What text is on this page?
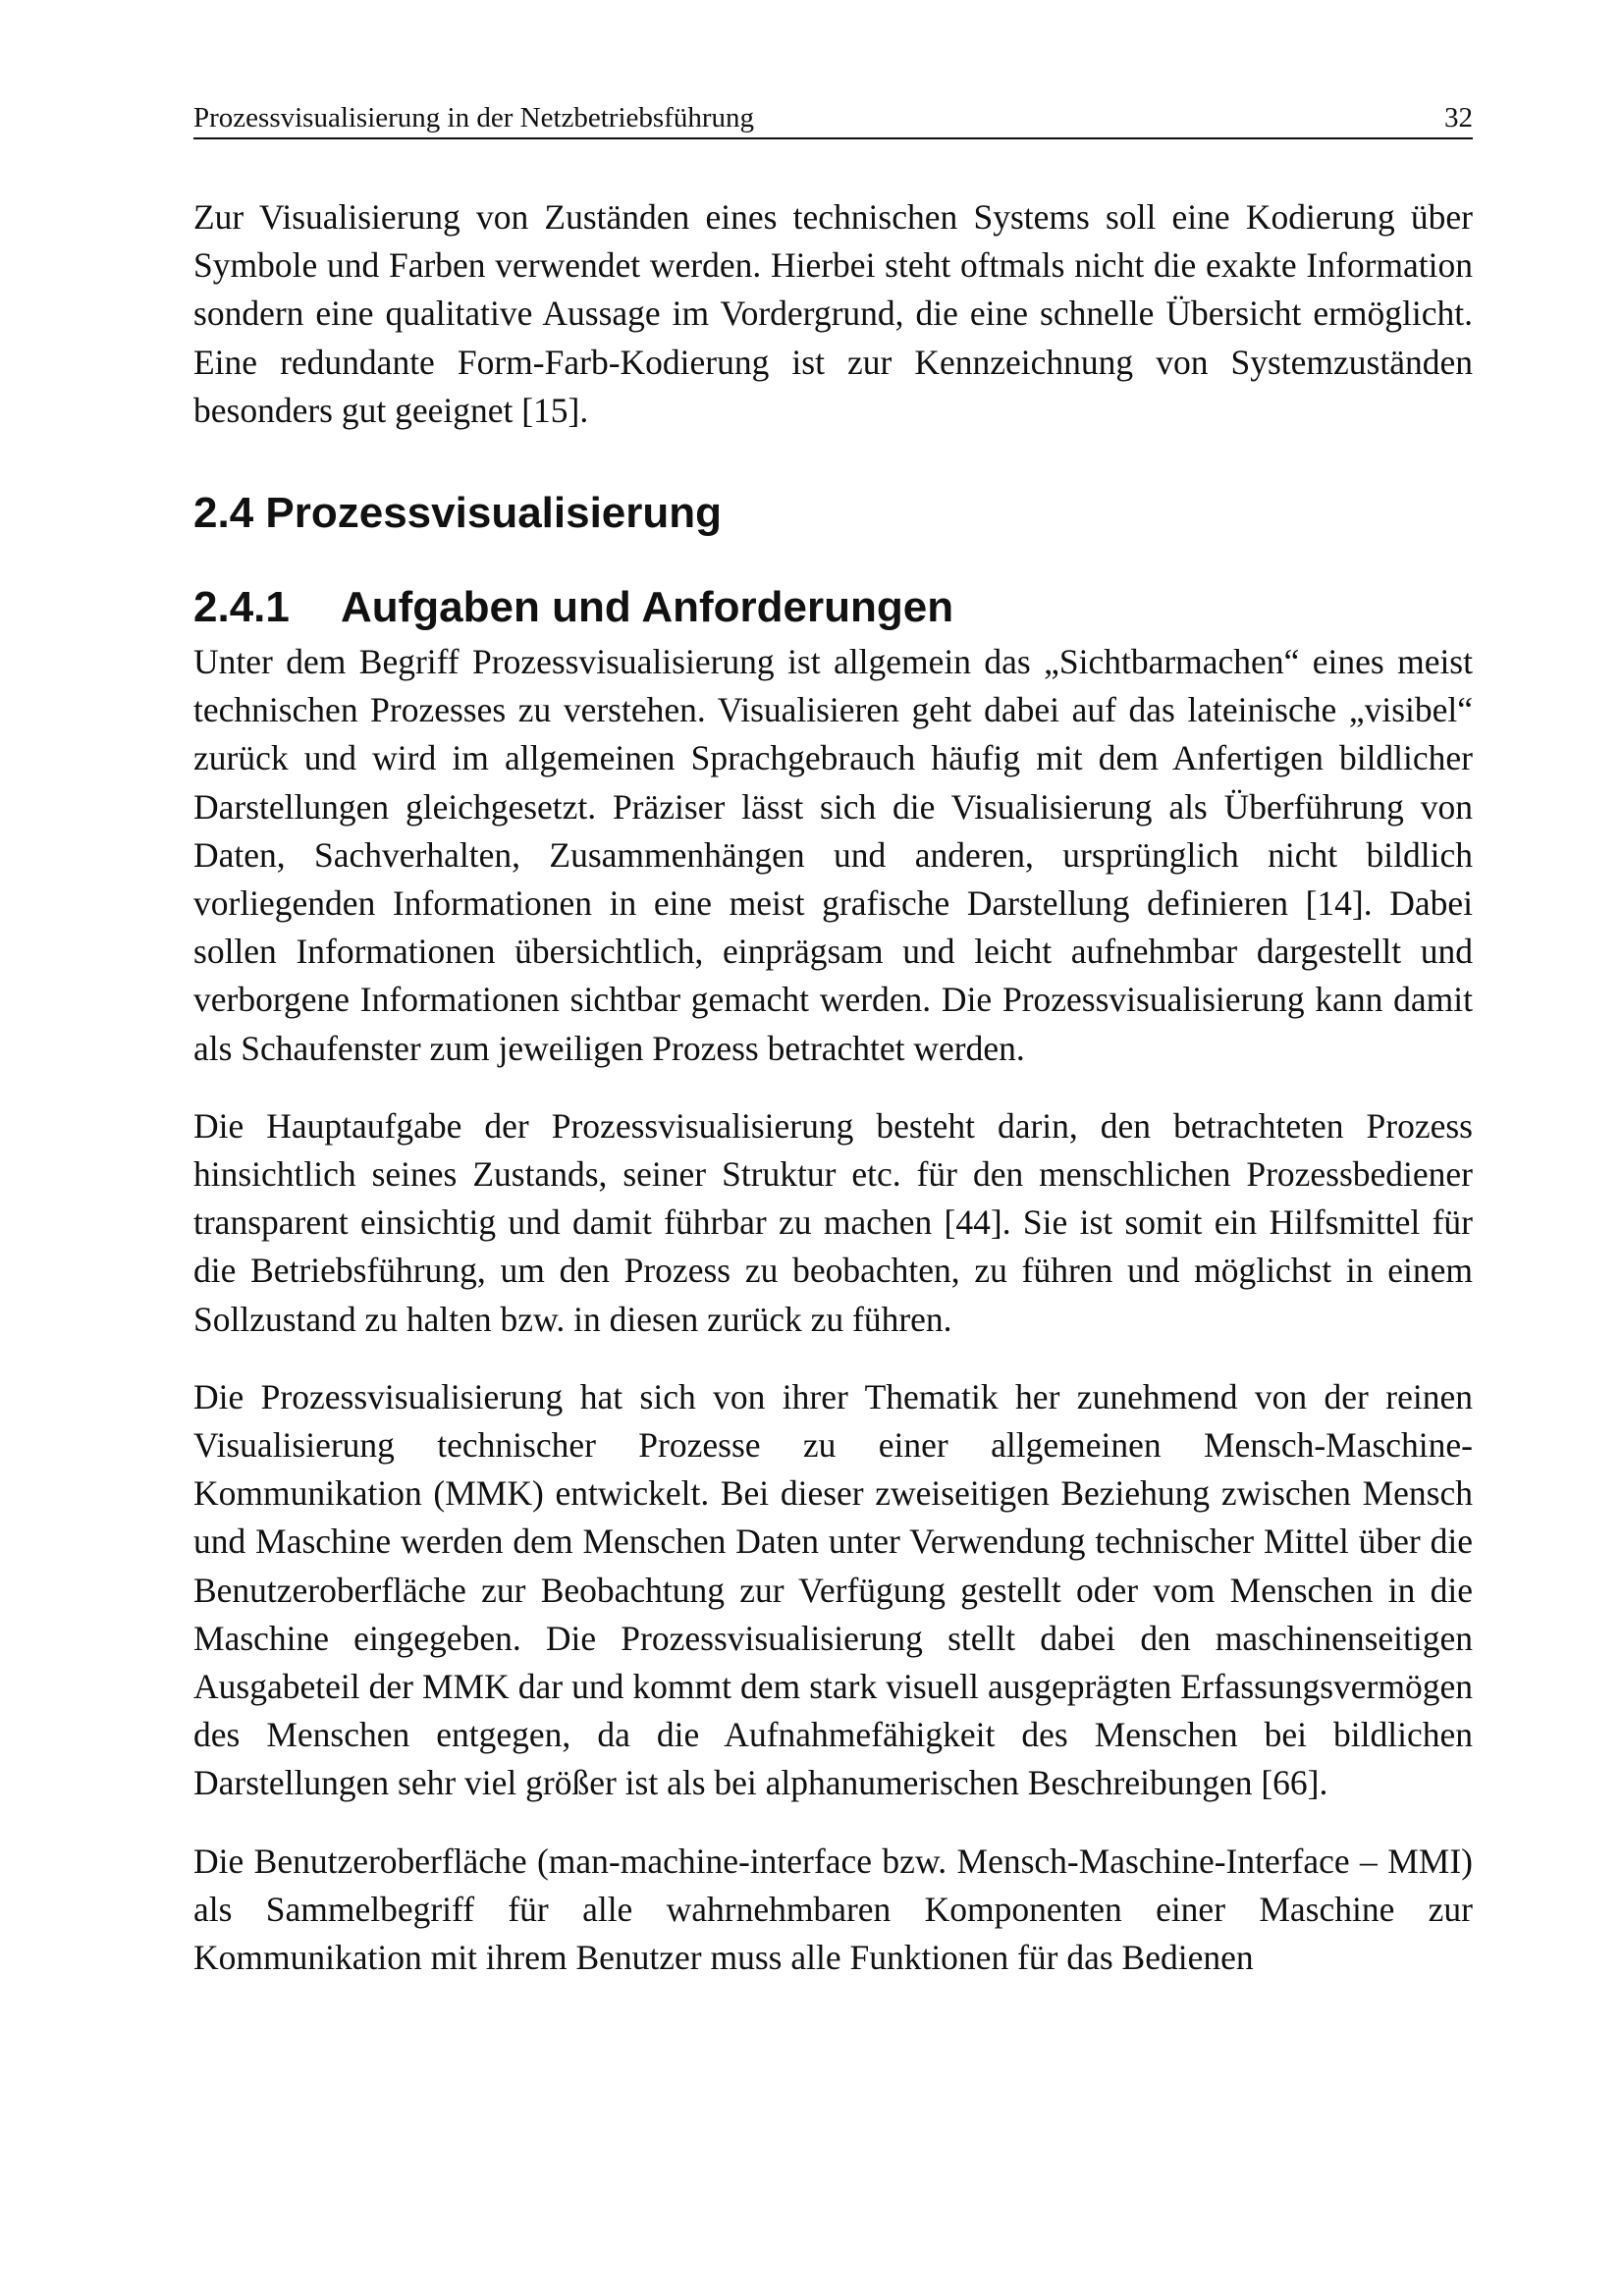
Prozessvisualisierung in der Netzbetriebsführung	32

Zur Visualisierung von Zuständen eines technischen Systems soll eine Kodierung über Symbole und Farben verwendet werden. Hierbei steht oftmals nicht die exakte Information sondern eine qualitative Aussage im Vordergrund, die eine schnelle Übersicht ermöglicht. Eine redundante Form-Farb-Kodierung ist zur Kennzeichnung von Systemzuständen besonders gut geeignet [15].

2.4 Prozessvisualisierung
2.4.1	Aufgaben und Anforderungen

Unter dem Begriff Prozessvisualisierung ist allgemein das „Sichtbarmachen“ eines meist technischen Prozesses zu verstehen. Visualisieren geht dabei auf das lateinische „visibel“ zurück und wird im allgemeinen Sprachgebrauch häufig mit dem Anfertigen bildlicher Darstellungen gleichgesetzt. Präziser lässt sich die Visualisierung als Überführung von Daten, Sachverhalten, Zusammenhängen und anderen, ursprünglich nicht bildlich vorliegenden Informationen in eine meist grafische Darstellung definieren [14]. Dabei sollen Informationen übersichtlich, einprägsam und leicht aufnehmbar dargestellt und verborgene Informationen sichtbar gemacht werden. Die Prozessvisualisierung kann damit als Schaufenster zum jeweiligen Prozess betrachtet werden.

Die Hauptaufgabe der Prozessvisualisierung besteht darin, den betrachteten Prozess hinsichtlich seines Zustands, seiner Struktur etc. für den menschlichen Prozessbediener transparent einsichtig und damit führbar zu machen [44]. Sie ist somit ein Hilfsmittel für die Betriebsführung, um den Prozess zu beobachten, zu führen und möglichst in einem Sollzustand zu halten bzw. in diesen zurück zu führen.

Die Prozessvisualisierung hat sich von ihrer Thematik her zunehmend von der reinen Visualisierung technischer Prozesse zu einer allgemeinen Mensch-Maschine-Kommunikation (MMK) entwickelt. Bei dieser zweiseitigen Beziehung zwischen Mensch und Maschine werden dem Menschen Daten unter Verwendung technischer Mittel über die Benutzeroberfläche zur Beobachtung zur Verfügung gestellt oder vom Menschen in die Maschine eingegeben. Die Prozessvisualisierung stellt dabei den maschinenseitigen Ausgabeteil der MMK dar und kommt dem stark visuell ausgeprägten Erfassungsvermögen des Menschen entgegen, da die Aufnahmefähigkeit des Menschen bei bildlichen Darstellungen sehr viel größer ist als bei alphanumerischen Beschreibungen [66].

Die Benutzeroberfläche (man-machine-interface bzw. Mensch-Maschine-Interface – MMI) als Sammelbegriff für alle wahrnehmbaren Komponenten einer Maschine zur Kommunikation mit ihrem Benutzer muss alle Funktionen für das Bedienen
